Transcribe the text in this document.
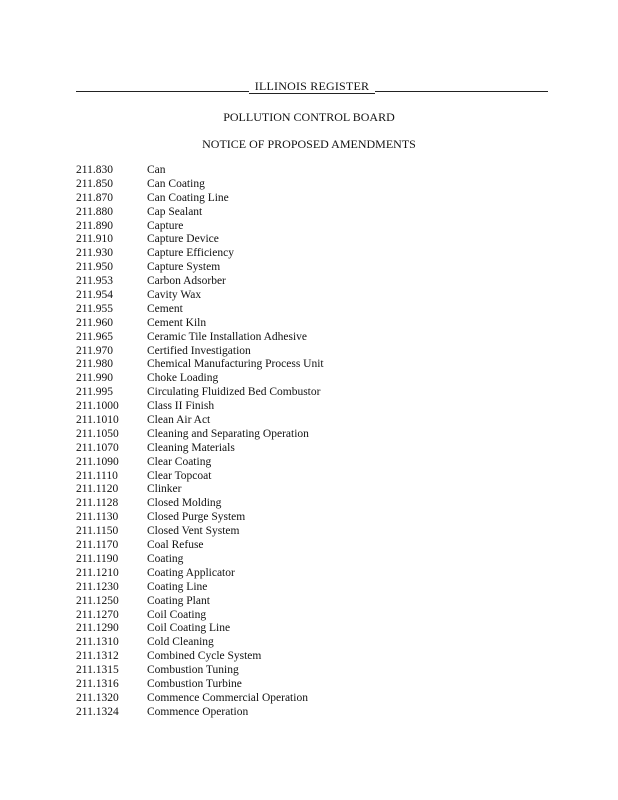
ILLINOIS REGISTER
POLLUTION CONTROL BOARD
NOTICE OF PROPOSED AMENDMENTS
211.830	Can
211.850	Can Coating
211.870	Can Coating Line
211.880	Cap Sealant
211.890	Capture
211.910	Capture Device
211.930	Capture Efficiency
211.950	Capture System
211.953	Carbon Adsorber
211.954	Cavity Wax
211.955	Cement
211.960	Cement Kiln
211.965	Ceramic Tile Installation Adhesive
211.970	Certified Investigation
211.980	Chemical Manufacturing Process Unit
211.990	Choke Loading
211.995	Circulating Fluidized Bed Combustor
211.1000 Class II Finish
211.1010 Clean Air Act
211.1050 Cleaning and Separating Operation
211.1070 Cleaning Materials
211.1090 Clear Coating
211.1110	Clear Topcoat
211.1120 Clinker
211.1128 Closed Molding
211.1130 Closed Purge System
211.1150 Closed Vent System
211.1170 Coal Refuse
211.1190 Coating
211.1210 Coating Applicator
211.1230 Coating Line
211.1250 Coating Plant
211.1270 Coil Coating
211.1290 Coil Coating Line
211.1310 Cold Cleaning
211.1312 Combined Cycle System
211.1315 Combustion Tuning
211.1316 Combustion Turbine
211.1320 Commence Commercial Operation
211.1324 Commence Operation
